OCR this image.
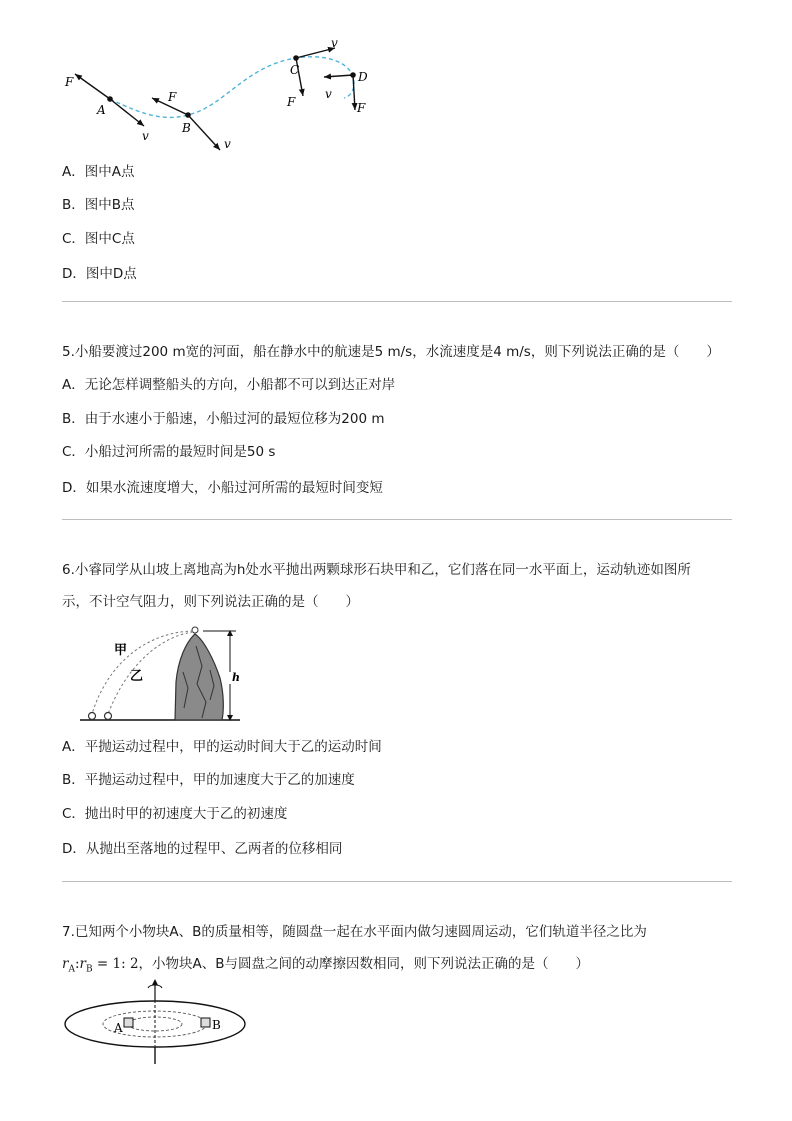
F
A
v
F
B
v
v
C
F
D
v
F
A．图中A点
B．图中B点
C．图中C点
D．图中D点
5.小船要渡过200 m宽的河面，船在静水中的航速是5 m/s，水流速度是4 m/s，则下列说法正确的是（　　）
A．无论怎样调整船头的方向，小船都不可以到达正对岸
B．由于水速小于船速，小船过河的最短位移为200 m
C．小船过河所需的最短时间是50 s
D．如果水流速度增大，小船过河所需的最短时间变短
6.小睿同学从山坡上离地高为h处水平抛出两颗球形石块甲和乙，它们落在同一水平面上，运动轨迹如图所
示，不计空气阻力，则下列说法正确的是（　　）
h
甲
乙
A．平抛运动过程中，甲的运动时间大于乙的运动时间
B．平抛运动过程中，甲的加速度大于乙的加速度
C．抛出时甲的初速度大于乙的初速度
D．从抛出至落地的过程甲、乙两者的位移相同
7.已知两个小物块A、B的质量相等，随圆盘一起在水平面内做匀速圆周运动，它们轨道半径之比为
$r_A:r_B = 1$: 2，小物块A、B与圆盘之间的动摩擦因数相同，则下列说法正确的是（　　）
A	B
